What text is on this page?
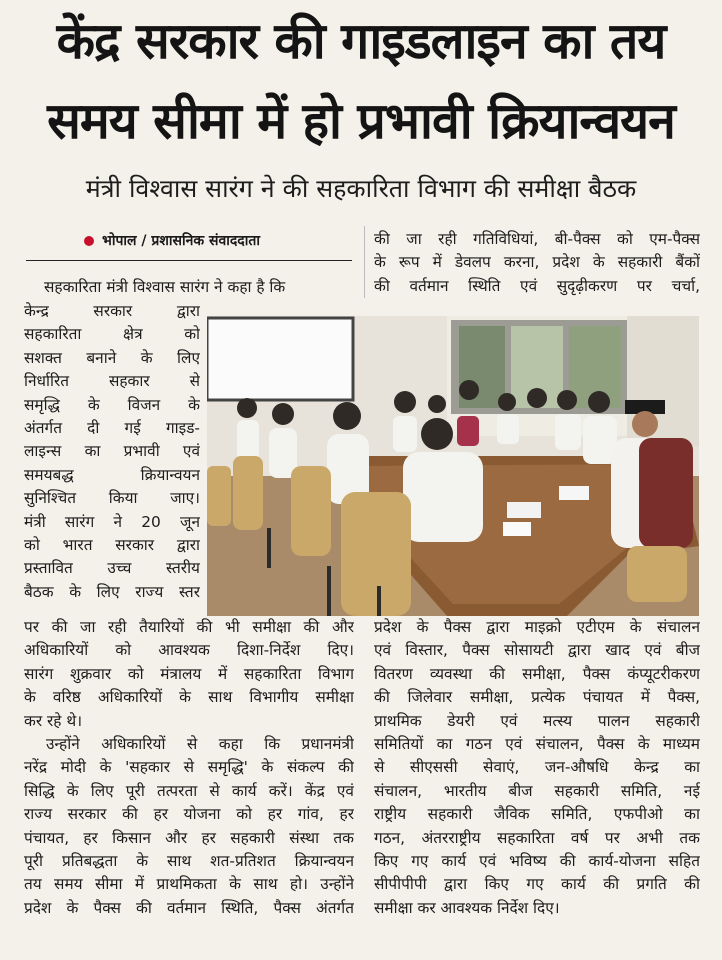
केंद्र सरकार की गाइडलाइन का तय
समय सीमा में हो प्रभावी क्रियान्वयन
मंत्री विश्वास सारंग ने की सहकारिता विभाग की समीक्षा बैठक
भोपाल / प्रशासनिक संवाददाता	की जा रही गतिविधियां, बी-पैक्स को एम-पैक्स
के रूप में डेवलप करना, प्रदेश के सहकारी बैंकों
की वर्तमान स्थिति एवं सुदृढ़ीकरण पर चर्चा,
सहकारिता मंत्री विश्वास सारंग ने कहा है कि
केन्द्र सरकार द्वारा
सहकारिता क्षेत्र को
सशक्त बनाने के लिए
निर्धारित सहकार से
समृद्धि के विजन के
अंतर्गत दी गई गाइड-
लाइन्स का प्रभावी एवं
समयबद्ध क्रियान्वयन
सुनिश्चित किया जाए।
मंत्री सारंग ने 20 जून
को भारत सरकार द्वारा
प्रस्तावित उच्च स्तरीय
बैठक के लिए राज्य स्तर
पर की जा रही तैयारियों की भी समीक्षा की और
अधिकारियों को आवश्यक दिशा-निर्देश दिए।
सारंग शुक्रवार को मंत्रालय में सहकारिता विभाग
के वरिष्ठ अधिकारियों के साथ विभागीय समीक्षा
कर रहे थे।
उन्होंने अधिकारियों से कहा कि प्रधानमंत्री
नरेंद्र मोदी के 'सहकार से समृद्धि' के संकल्प की
सिद्धि के लिए पूरी तत्परता से कार्य करें। केंद्र एवं
राज्य सरकार की हर योजना को हर गांव, हर
पंचायत, हर किसान और हर सहकारी संस्था तक
पूरी प्रतिबद्धता के साथ शत-प्रतिशत क्रियान्वयन
तय समय सीमा में प्राथमिकता के साथ हो। उन्होंने
प्रदेश के पैक्स की वर्तमान स्थिति, पैक्स अंतर्गत
प्रदेश के पैक्स द्वारा माइक्रो एटीएम के संचालन
एवं विस्तार, पैक्स सोसायटी द्वारा खाद एवं बीज
वितरण व्यवस्था की समीक्षा, पैक्स कंप्यूटरीकरण
की जिलेवार समीक्षा, प्रत्येक पंचायत में पैक्स,
प्राथमिक डेयरी एवं मत्स्य पालन सहकारी
समितियों का गठन एवं संचालन, पैक्स के माध्यम
से सीएससी सेवाएं, जन-औषधि केन्द्र का
संचालन, भारतीय बीज सहकारी समिति, नई
राष्ट्रीय सहकारी जैविक समिति, एफपीओ का
गठन, अंतरराष्ट्रीय सहकारिता वर्ष पर अभी तक
किए गए कार्य एवं भविष्य की कार्य-योजना सहित
सीपीपीपी द्वारा किए गए कार्य की प्रगति की
समीक्षा कर आवश्यक निर्देश दिए।
